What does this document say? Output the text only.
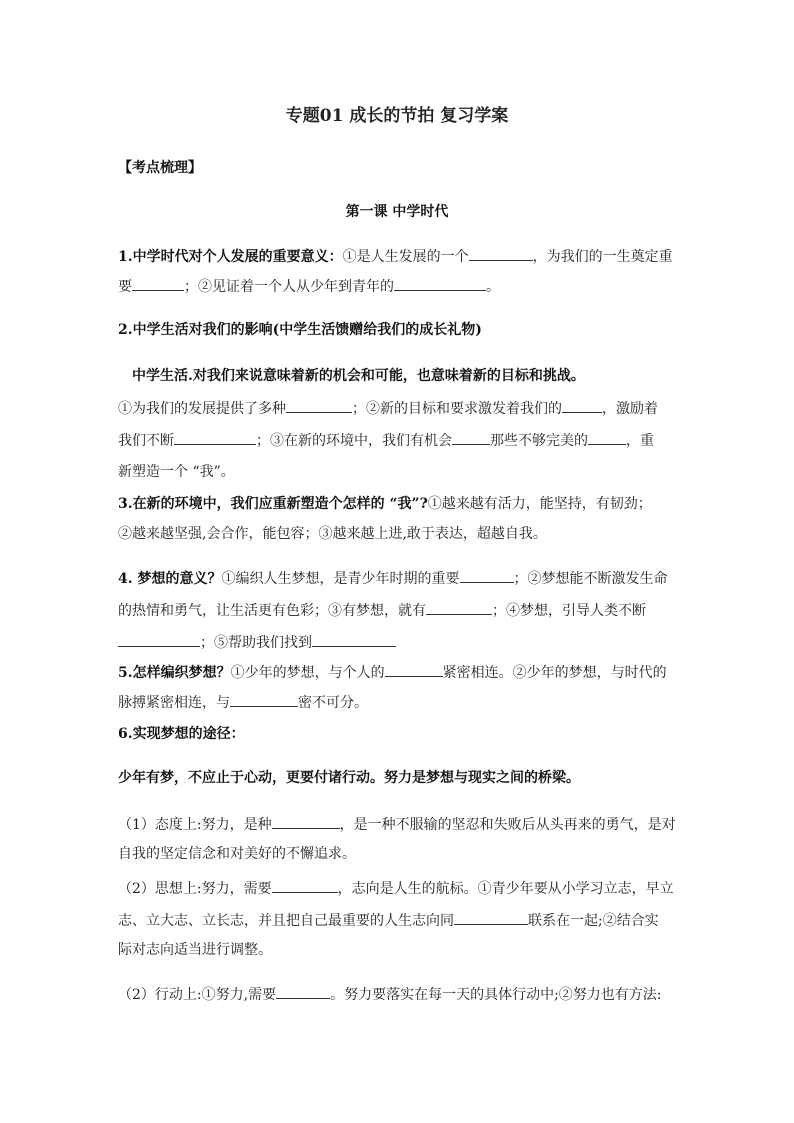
专题01 成长的节拍 复习学案
【考点梳理】
第一课 中学时代
1.中学时代对个人发展的重要意义：①是人生发展的一个	，为我们的一生奠定重
要	；②见证着一个人从少年到青年的	。
2.中学生活对我们的影响(中学生活馈赠给我们的成长礼物)
中学生活.对我们来说意味着新的机会和可能，也意味着新的目标和挑战。
①为我们的发展提供了多种	；②新的目标和要求激发着我们的	，激励着
我们不断	；③在新的环境中，我们有机会	那些不够完美的	，重
新塑造一个 “我”。
3.在新的环境中，我们应重新塑造个怎样的 “我”?①越来越有活力，能坚持，有韧劲；
②越来越坚强,会合作，能包容；③越来越上进,敢于表达，超越自我。
4. 梦想的意义？①编织人生梦想，是青少年时期的重要	；②梦想能不断激发生命
的热情和勇气，让生活更有色彩；③有梦想，就有	；④梦想，引导人类不断
；⑤帮助我们找到
5.怎样编织梦想？①少年的梦想，与个人的	紧密相连。②少年的梦想，与时代的
脉搏紧密相连，与	密不可分。
6.实现梦想的途径：
少年有梦，不应止于心动，更要付诸行动。努力是梦想与现实之间的桥梁。
（1）态度上:努力，是种	，是一种不服输的坚忍和失败后从头再来的勇气，是对
自我的坚定信念和对美好的不懈追求。
（2）思想上:努力，需要	，志向是人生的航标。①青少年要从小学习立志，早立
志、立大志、立长志，并且把自己最重要的人生志向同	联系在一起;②结合实
际对志向适当进行调整。
（2）行动上:①努力,需要	。努力要落实在每一天的具体行动中;②努力也有方法:
